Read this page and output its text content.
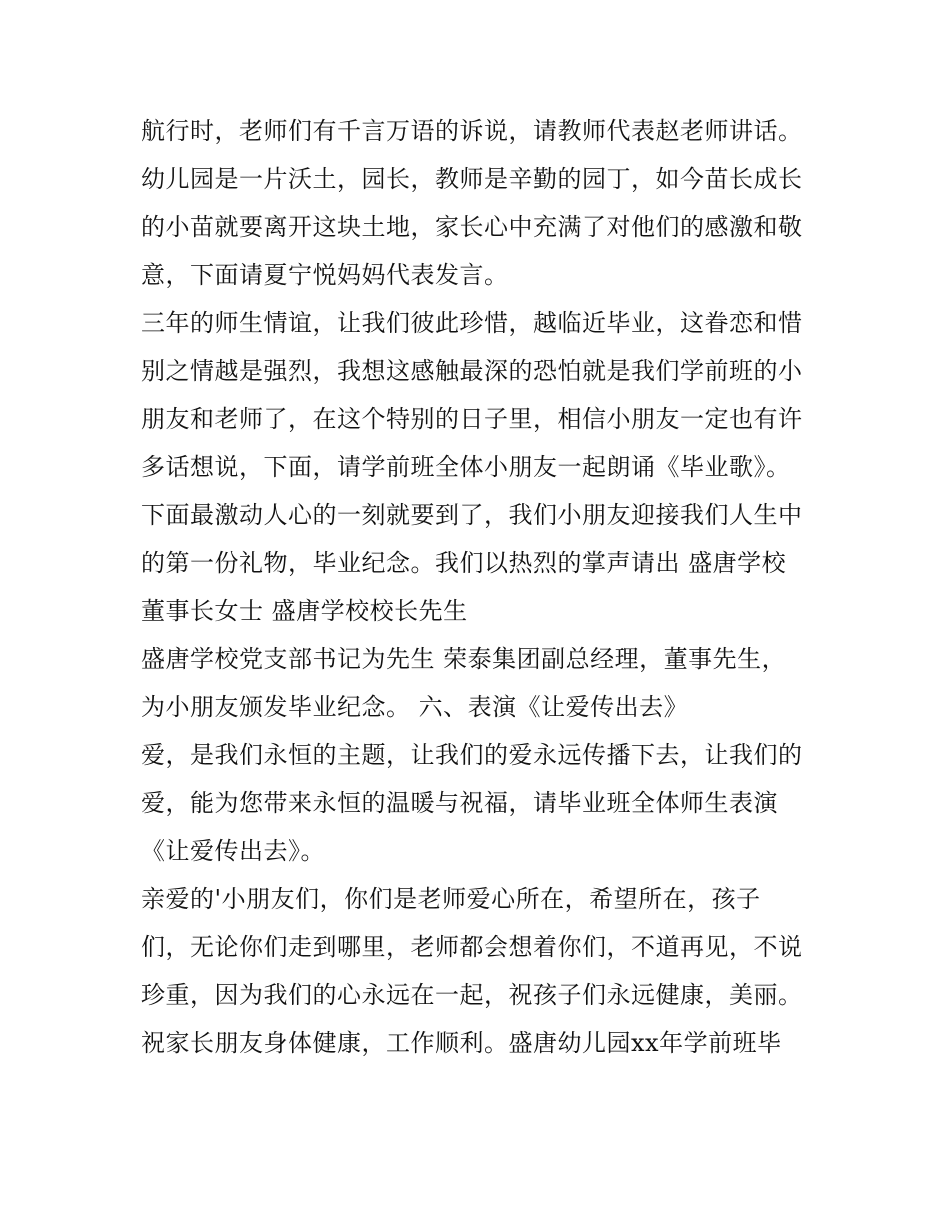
航行时，老师们有千言万语的诉说，请教师代表赵老师讲话。
幼儿园是一片沃土，园长，教师是辛勤的园丁，如今苗长成长
的小苗就要离开这块土地，家长心中充满了对他们的感激和敬
意，下面请夏宁悦妈妈代表发言。
三年的师生情谊，让我们彼此珍惜，越临近毕业，这眷恋和惜
别之情越是强烈，我想这感触最深的恐怕就是我们学前班的小
朋友和老师了，在这个特别的日子里，相信小朋友一定也有许
多话想说，下面，请学前班全体小朋友一起朗诵《毕业歌》。
下面最激动人心的一刻就要到了，我们小朋友迎接我们人生中
的第一份礼物，毕业纪念。我们以热烈的掌声请出 盛唐学校
董事长女士 盛唐学校校长先生
盛唐学校党支部书记为先生 荣泰集团副总经理，董事先生，
为小朋友颁发毕业纪念。 六、表演《让爱传出去》
爱，是我们永恒的主题，让我们的爱永远传播下去，让我们的
爱，能为您带来永恒的温暖与祝福，请毕业班全体师生表演
《让爱传出去》。
亲爱的'小朋友们，你们是老师爱心所在，希望所在，孩子
们，无论你们走到哪里，老师都会想着你们，不道再见，不说
珍重，因为我们的心永远在一起，祝孩子们永远健康，美丽。
祝家长朋友身体健康，工作顺利。盛唐幼儿园xx年学前班毕
